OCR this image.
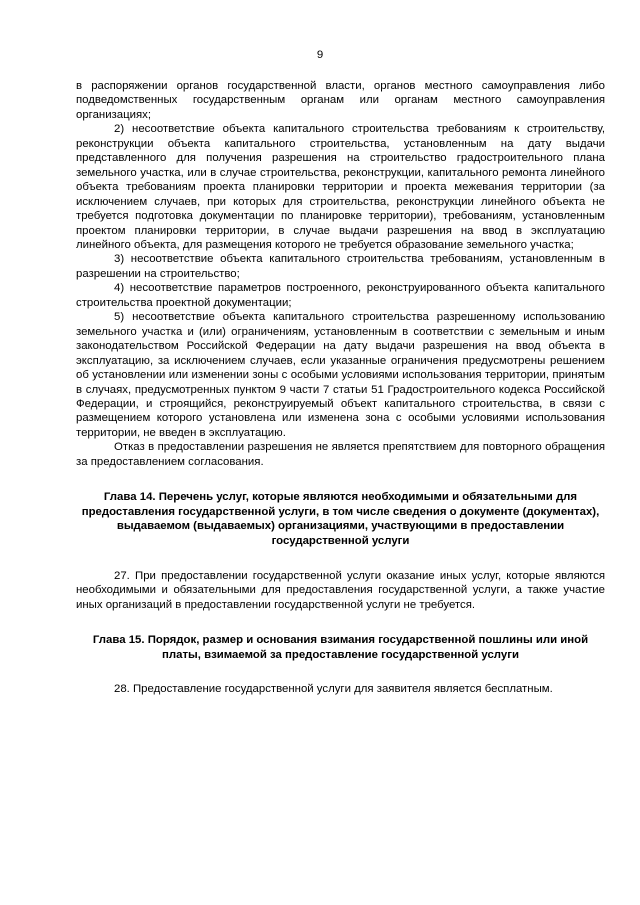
9

в распоряжении органов государственной власти, органов местного самоуправления либо подведомственных государственным органам или органам местного самоуправления организациях;

2) несоответствие объекта капитального строительства требованиям к строительству, реконструкции объекта капитального строительства, установленным на дату выдачи представленного для получения разрешения на строительство градостроительного плана земельного участка, или в случае строительства, реконструкции, капитального ремонта линейного объекта требованиям проекта планировки территории и проекта межевания территории (за исключением случаев, при которых для строительства, реконструкции линейного объекта не требуется подготовка документации по планировке территории), требованиям, установленным проектом планировки территории, в случае выдачи разрешения на ввод в эксплуатацию линейного объекта, для размещения которого не требуется образование земельного участка;

3) несоответствие объекта капитального строительства требованиям, установленным в разрешении на строительство;

4) несоответствие параметров построенного, реконструированного объекта капитального строительства проектной документации;

5) несоответствие объекта капитального строительства разрешенному использованию земельного участка и (или) ограничениям, установленным в соответствии с земельным и иным законодательством Российской Федерации на дату выдачи разрешения на ввод объекта в эксплуатацию, за исключением случаев, если указанные ограничения предусмотрены решением об установлении или изменении зоны с особыми условиями использования территории, принятым в случаях, предусмотренных пунктом 9 части 7 статьи 51 Градостроительного кодекса Российской Федерации, и строящийся, реконструируемый объект капитального строительства, в связи с размещением которого установлена или изменена зона с особыми условиями использования территории, не введен в эксплуатацию.

Отказ в предоставлении разрешения не является препятствием для повторного обращения за предоставлением согласования.

Глава 14. Перечень услуг, которые являются необходимыми и обязательными для предоставления государственной услуги, в том числе сведения о документе (документах), выдаваемом (выдаваемых) организациями, участвующими в предоставлении государственной услуги

27. При предоставлении государственной услуги оказание иных услуг, которые являются необходимыми и обязательными для предоставления государственной услуги, а также участие иных организаций в предоставлении государственной услуги не требуется.

Глава 15. Порядок, размер и основания взимания государственной пошлины или иной платы, взимаемой за предоставление государственной услуги

28. Предоставление государственной услуги для заявителя является бесплатным.
